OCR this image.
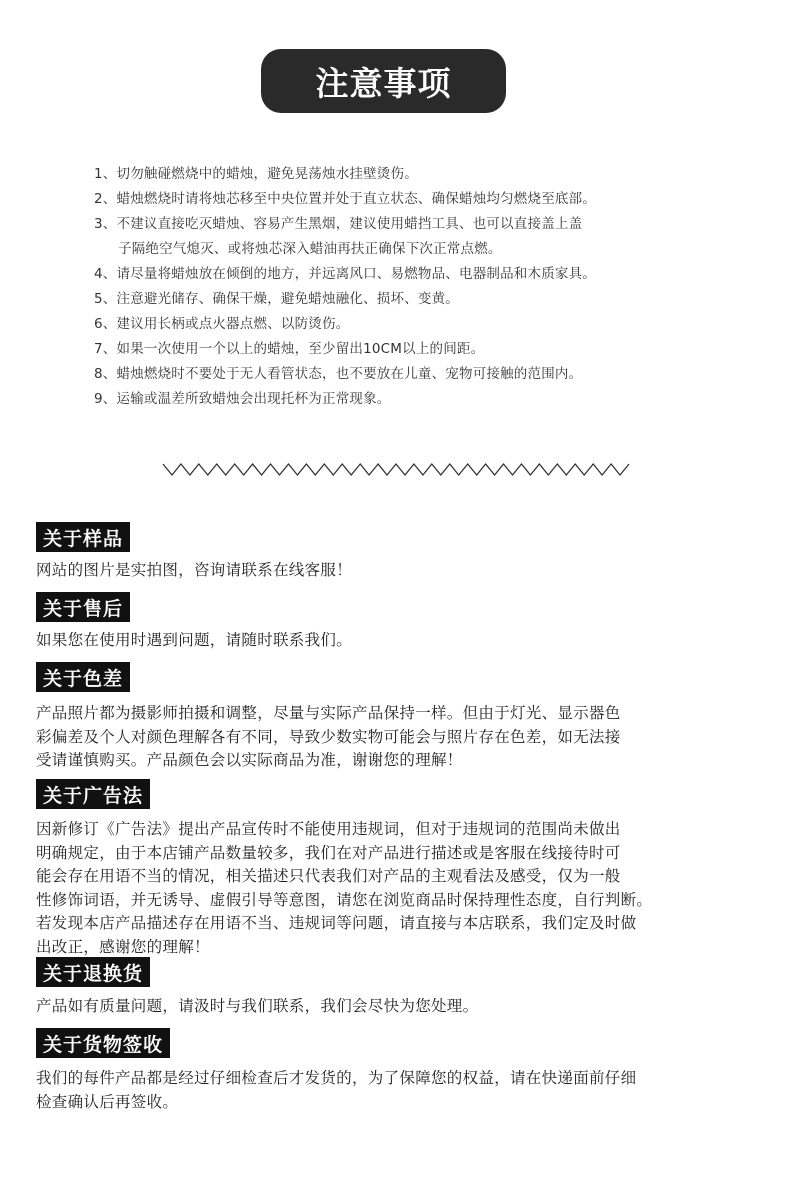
注意事项
1、切勿触碰燃烧中的蜡烛，避免晃荡烛水挂壁烫伤。
2、蜡烛燃烧时请将烛芯移至中央位置并处于直立状态、确保蜡烛均匀燃烧至底部。
3、不建议直接吃灭蜡烛、容易产生黑烟，建议使用蜡挡工具、也可以直接盖上盖
子隔绝空气熄灭、或将烛芯深入蜡油再扶正确保下次正常点燃。
4、请尽量将蜡烛放在倾倒的地方，并远离风口、易燃物品、电器制品和木质家具。
5、注意避光储存、确保干燥，避免蜡烛融化、损坏、变黄。
6、建议用长柄或点火器点燃、以防烫伤。
7、如果一次使用一个以上的蜡烛，至少留出10CM以上的间距。
8、蜡烛燃烧时不要处于无人看管状态，也不要放在儿童、宠物可接触的范围内。
9、运输或温差所致蜡烛会出现托杯为正常现象。
关于样品
网站的图片是实拍图，咨询请联系在线客服！
关于售后
如果您在使用时遇到问题，请随时联系我们。
关于色差
产品照片都为摄影师拍摄和调整，尽量与实际产品保持一样。但由于灯光、显示器色
彩偏差及个人对颜色理解各有不同，导致少数实物可能会与照片存在色差，如无法接
受请谨慎购买。产品颜色会以实际商品为准，谢谢您的理解！
关于广告法
因新修订《广告法》提出产品宣传时不能使用违规词，但对于违规词的范围尚未做出
明确规定，由于本店铺产品数量较多，我们在对产品进行描述或是客服在线接待时可
能会存在用语不当的情况，相关描述只代表我们对产品的主观看法及感受，仅为一般
性修饰词语，并无诱导、虚假引导等意图，请您在浏览商品时保持理性态度，自行判断。
若发现本店产品描述存在用语不当、违规词等问题，请直接与本店联系，我们定及时做
出改正，感谢您的理解！
关于退换货
产品如有质量问题，请汲时与我们联系，我们会尽快为您处理。
关于货物签收
我们的每件产品都是经过仔细检查后才发货的，为了保障您的权益，请在快递面前仔细
检查确认后再签收。
